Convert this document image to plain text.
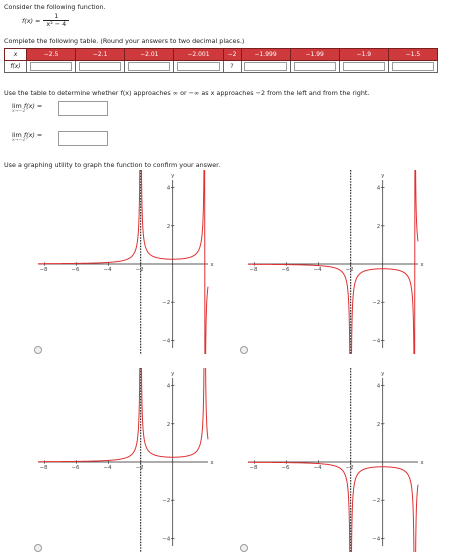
Consider the following function.
$f(x) = \frac{1}{\text{x² − 4}}$
Complete the following table. (Round your answers to two decimal places.)
x	−2.5	−2.1	−2.01	−2.001	−2	−1.999	−1.99	−1.9	−1.5
f(x)					?				
Use the table to determine whether f(x) approaches ∞ or −∞ as x approaches −2 from the left and from the right.
lim f(x) =
x→−2⁻
lim f(x) =
x→−2⁺
Use a graphing utility to graph the function to confirm your answer.
−8	−6	−4	−2
4
2
−2
−4
x
y
−8	−6	−4	−2
4
2
−2
−4
x
y
−8	−6	−4	−2
4
2
−2
−4
x
y
−8	−6	−4	−2
4
2
−2
−4
x
y
